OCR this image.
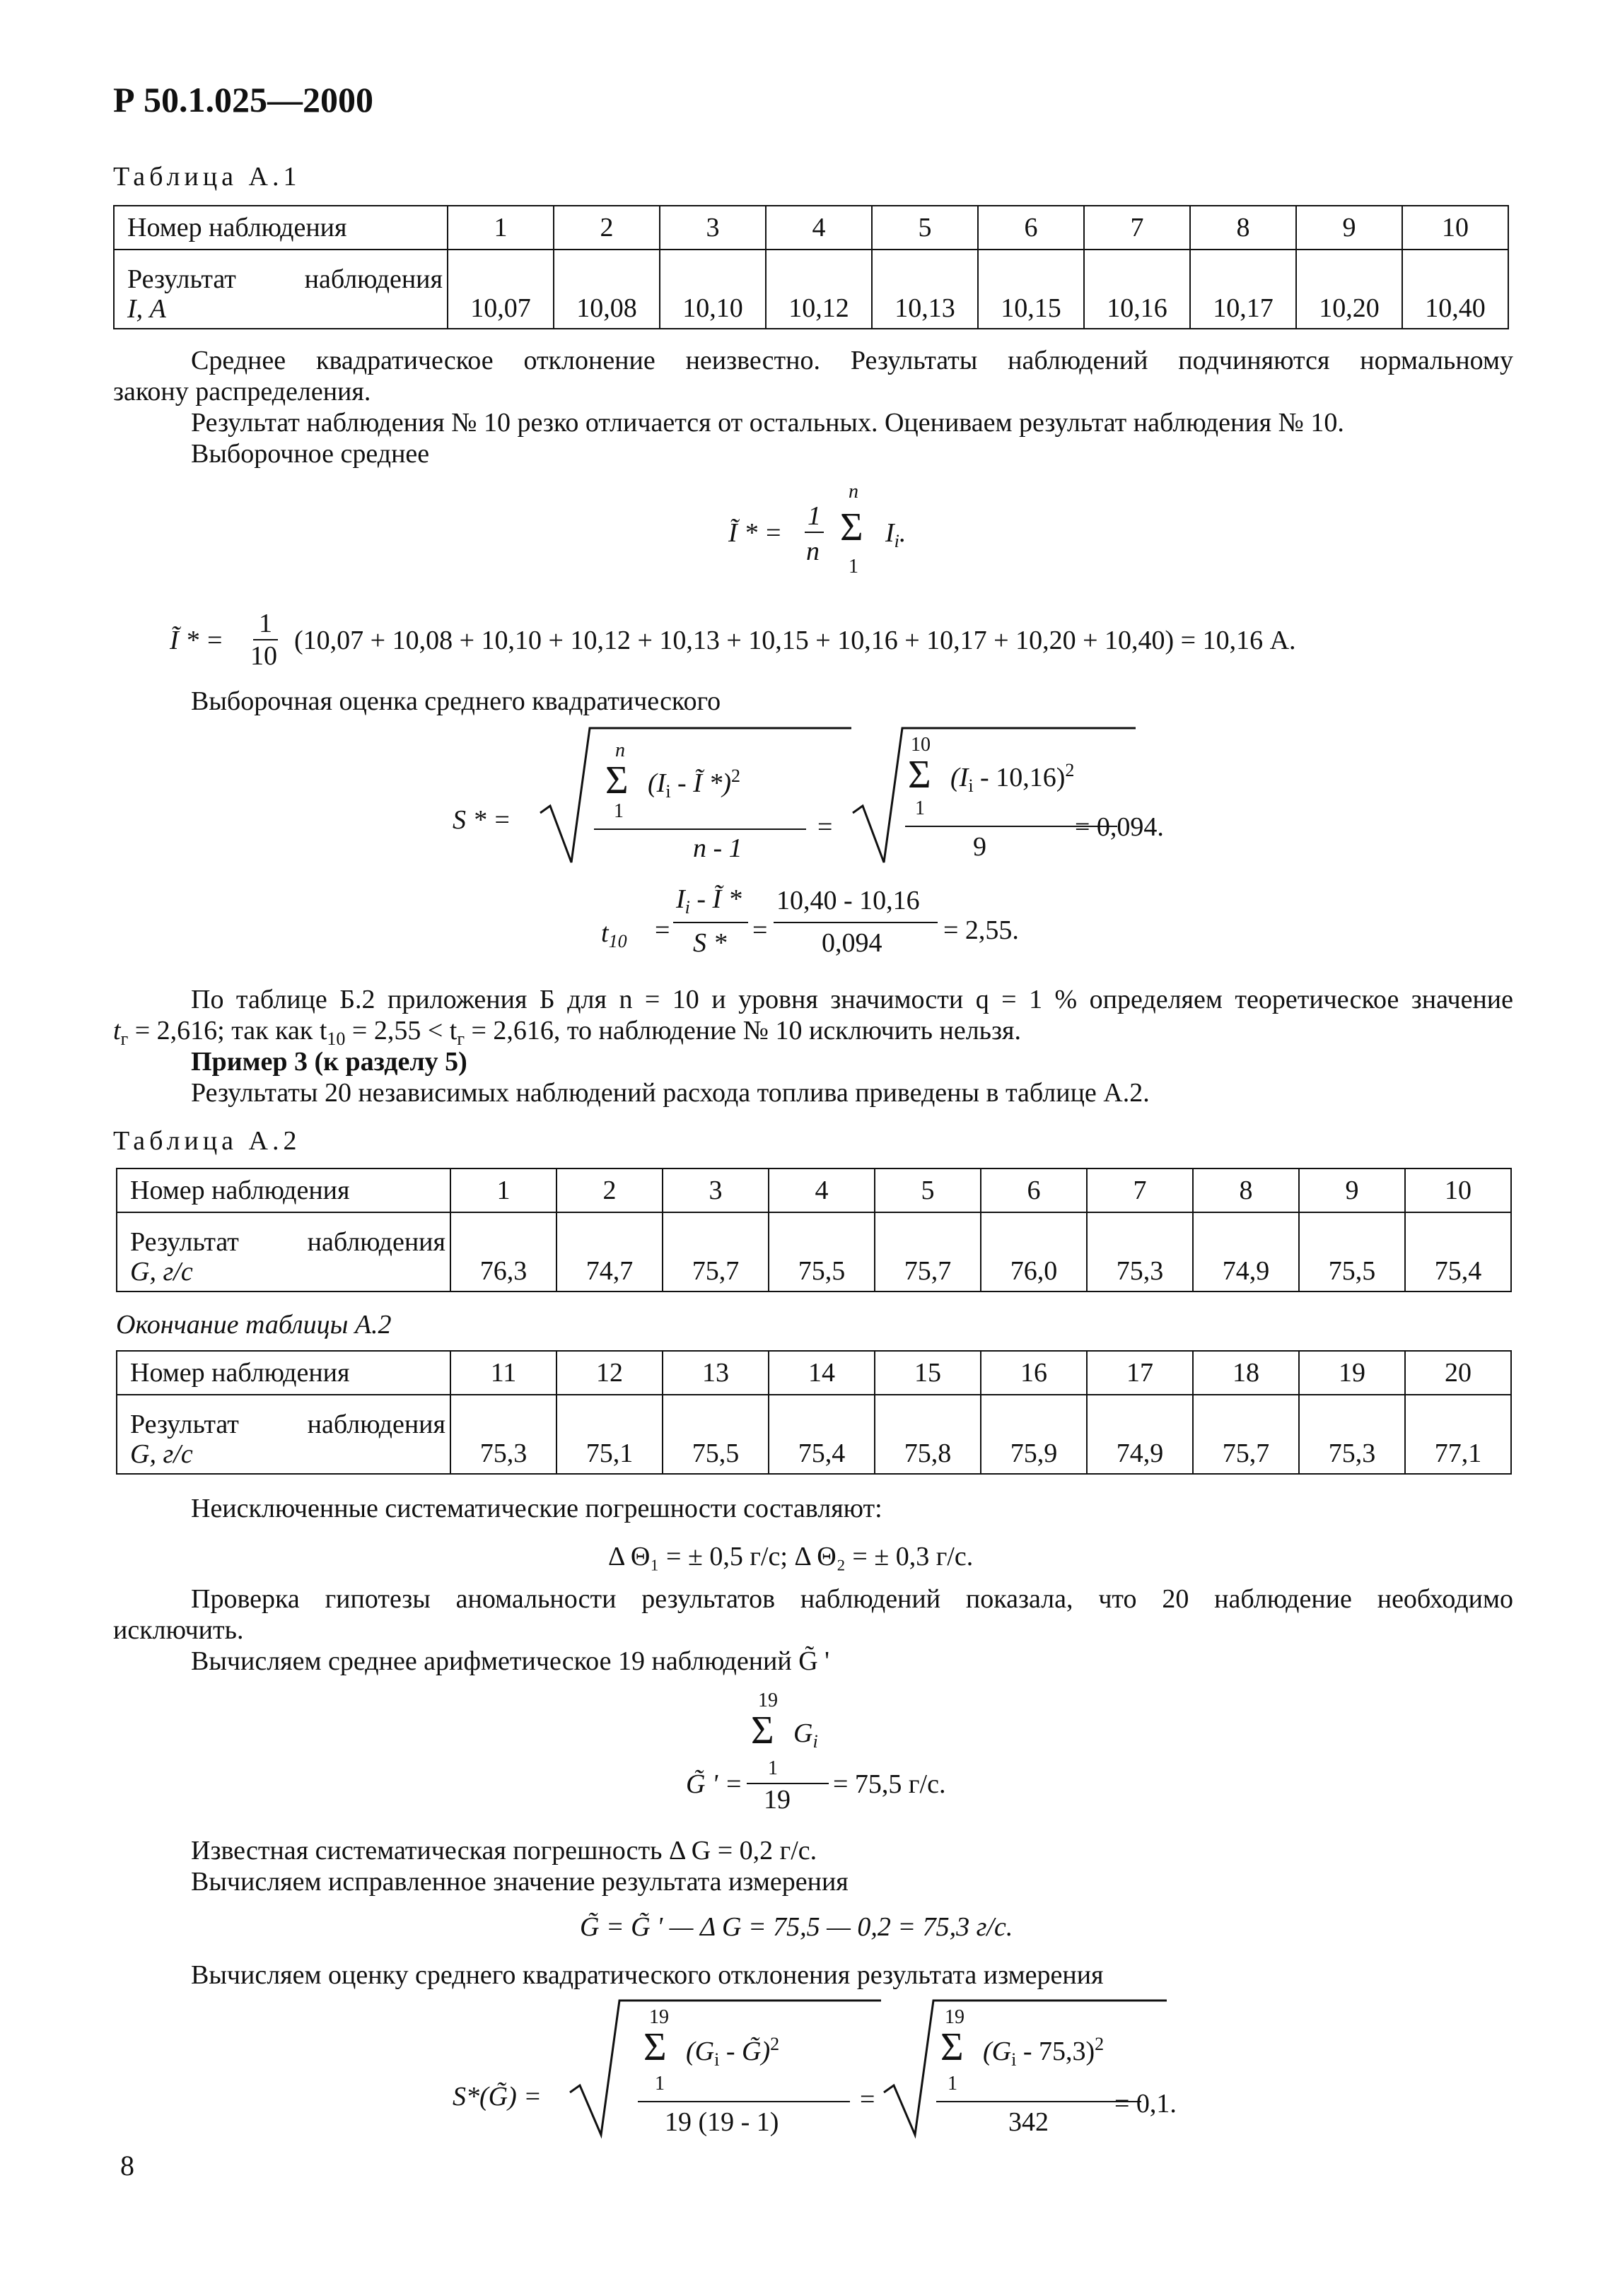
Р 50.1.025—2000
Таблица А.1
Номер наблюдения	1	2	3	4	5	6	7	8	9	10

Результат наблюдения
I, А	10,07	10,08	10,10	10,12	10,13	10,15	10,16	10,17	10,20	10,40
Среднее квадратическое отклонение неизвестно. Результаты наблюдений подчиняются нормальному
закону распределения.
Результат наблюдения № 10 резко отличается от остальных. Оцениваем результат наблюдения № 10.
Выборочное среднее
Ĩ * =
1
n
n
Σ
1
$I_i$.
Ĩ * =
1
10
(10,07 + 10,08 + 10,10 + 10,12 + 10,13 + 10,15 + 10,16 + 10,17 + 10,20 + 10,40) = 10,16 А.
Выборочная оценка среднего квадратического
S * =
n
Σ ($I_i$ - Ĩ *)$^2$
1
n - 1
=
10
Σ $(I_i - 10,16)^2$
1
9
= 0,094.
$t_{10}$ =
$I_i$ - Ĩ *
S * =
10,40 - 10,16
0,094 = 2,55.
По таблице Б.2 приложения Б для n = 10 и уровня значимости q = 1 % определяем теоретическое значение
$t_г = 2,616$; так как $t_{10} = 2,55 < t_г = 2,616$, то наблюдение № 10 исключить нельзя.
Пример 3 (к разделу 5)
Результаты 20 независимых наблюдений расхода топлива приведены в таблице А.2.
Таблица А.2
Номер наблюдения	1	2	3	4	5	6	7	8	9	10

Результат наблюдения
G, г/с	76,3	74,7	75,7	75,5	75,7	76,0	75,3	74,9	75,5	75,4
Окончание таблицы А.2
Номер наблюдения	11	12	13	14	15	16	17	18	19	20

Результат наблюдения
G, г/с	75,3	75,1	75,5	75,4	75,8	75,9	74,9	75,7	75,3	77,1
Неисключенные систематические погрешности составляют:
Δ Θ₁ = ± 0,5 г/с; Δ Θ₂ = ± 0,3 г/с.
Проверка гипотезы аномальности результатов наблюдений показала, что 20 наблюдение необходимо
исключить.
Вычисляем среднее арифметическое 19 наблюдений G̃ '
19
Σ $G_i$
G̃ ' =
1
19
= 75,5 г/с.
Известная систематическая погрешность Δ G = 0,2 г/с.
Вычисляем исправленное значение результата измерения
G̃ = G̃ ' — Δ G = 75,5 — 0,2 = 75,3 г/с.
Вычисляем оценку среднего квадратического отклонения результата измерения
S*(G̃) =
19
Σ ($G_i$ - G̃)$^2$
1
19 (19 - 1)
=
19
Σ $(G_i - 75,3)^2$
1
342
= 0,1.
8
